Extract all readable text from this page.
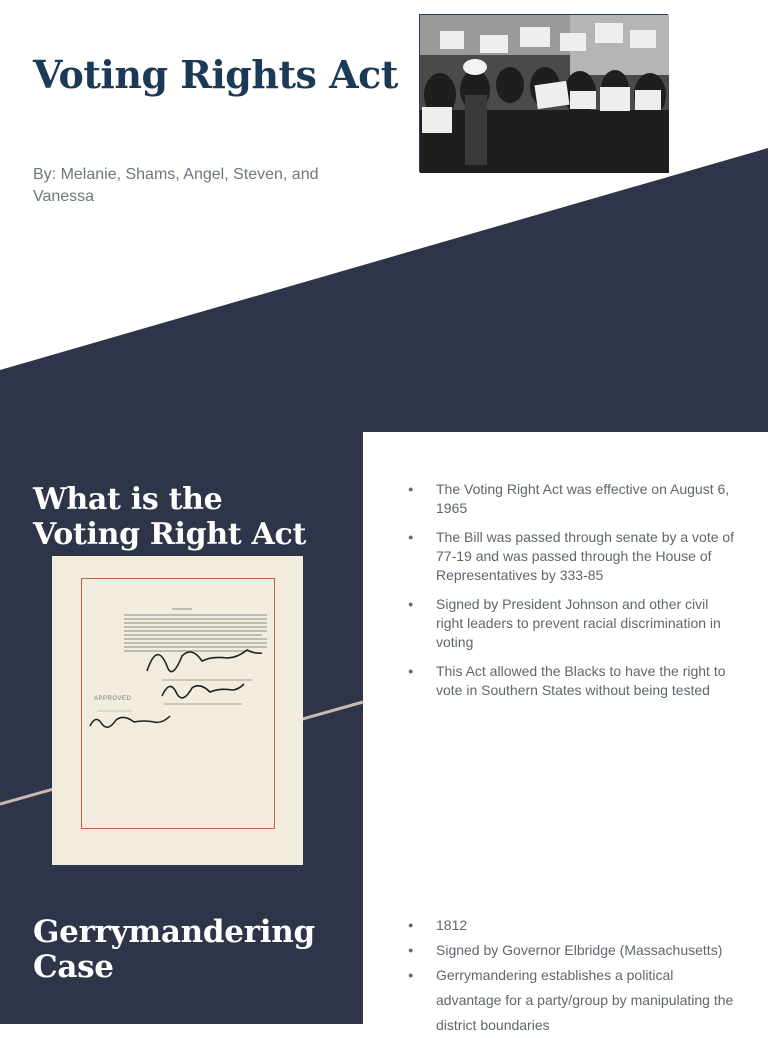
Voting Rights Act

By: Melanie, Shams, Angel, Steven, and Vanessa

What is the Voting Right Act
APPROVED
● The Voting Right Act was effective on August 6, 1965
● The Bill was passed through senate by a vote of 77-19 and was passed through the House of Representatives by 333-85
● Signed by President Johnson and other civil right leaders to prevent racial discrimination in voting
● This Act allowed the Blacks to have the right to vote in Southern States without being tested
Gerrymandering Case
● 1812
● Signed by Governor Elbridge (Massachusetts)
● Gerrymandering establishes a political advantage for a party/group by manipulating the district boundaries
